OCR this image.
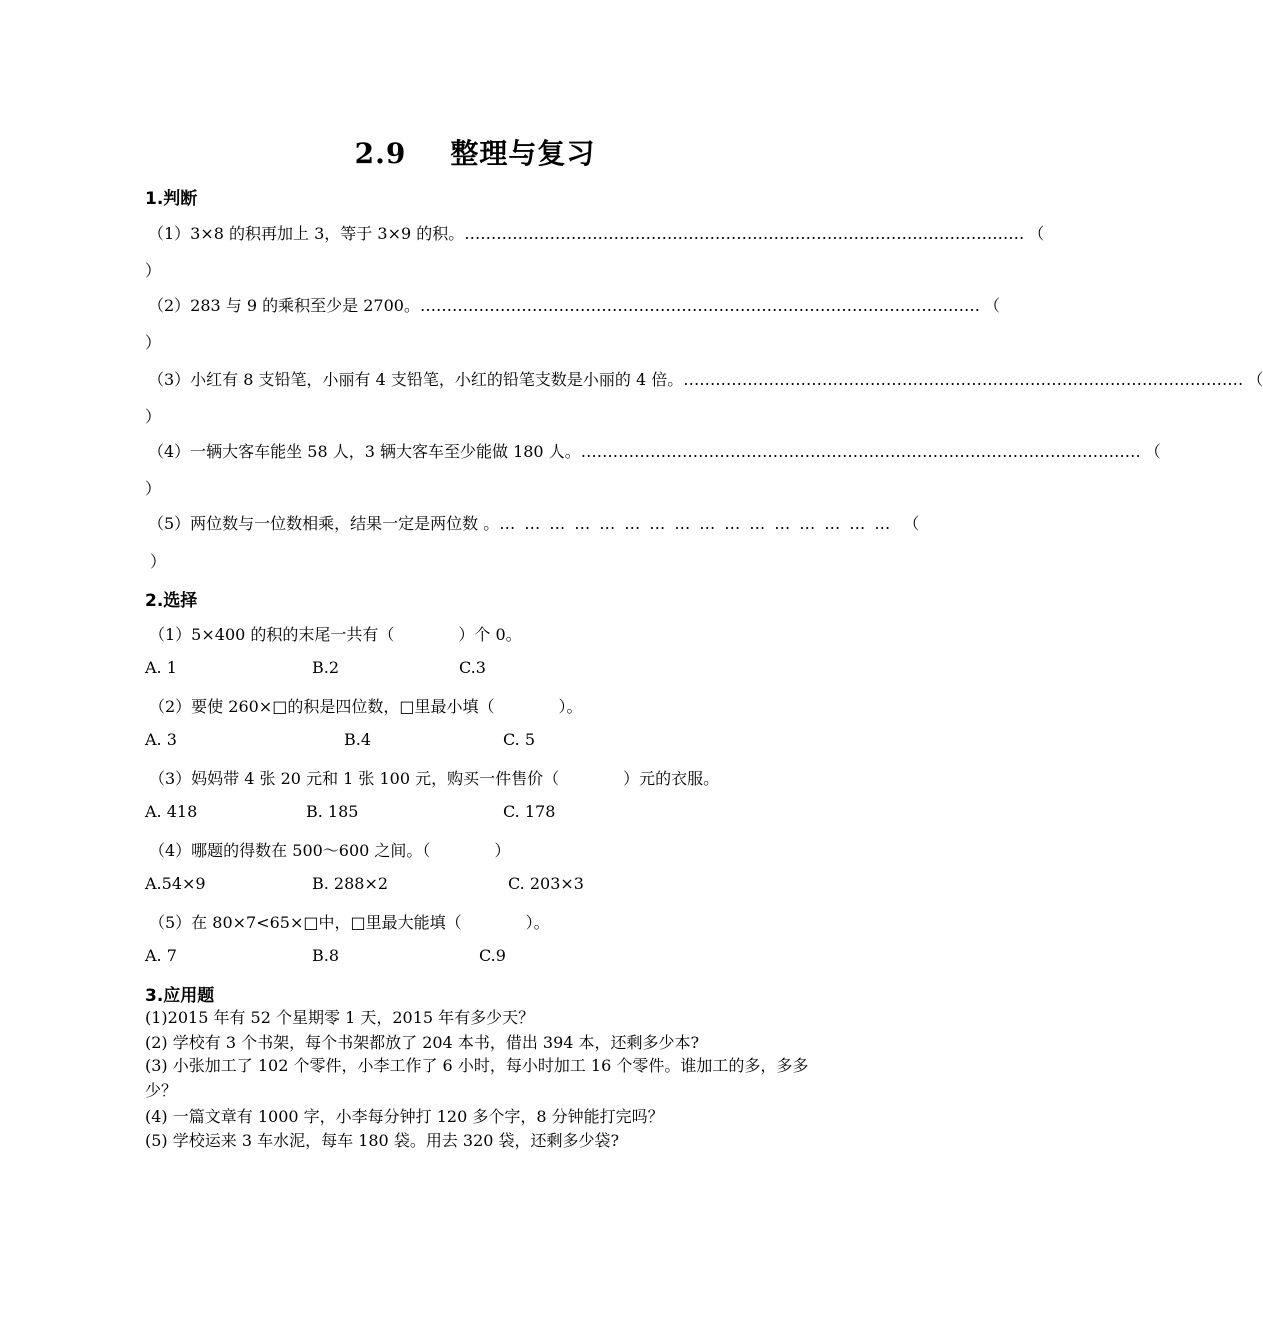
2.9 整理与复习
1.判断
（1）3×8 的积再加上 3，等于 3×9 的积。 …………………………………………………………………………………………… （
）
（2）283 与 9 的乘积至少是 2700。 …………………………………………………………………………………………… （
）
（3）小红有 8 支铅笔，小丽有 4 支铅笔，小红的铅笔支数是小丽的 4 倍。 …………………………………………………………………………………………… （
）
（4）一辆大客车能坐 58 人，3 辆大客车至少能做 180 人。 …………………………………………………………………………………………… （
）
（5）两位数与一位数相乘，结果一定是两位数 。 ………………………………………… （
）
2.选择
（1）5×400 的积的末尾一共有（　　　　）个 0。
A. 1	B.2	C.3
（2）要使 260×□的积是四位数，□里最小填（　　　　）。
A. 3	B.4	C. 5
（3）妈妈带 4 张 20 元和 1 张 100 元，购买一件售价（　　　　）元的衣服。
A. 418	B. 185	C. 178
（4）哪题的得数在 500～600 之间。（　　　　）
A.54×9	B. 288×2	C. 203×3
（5）在 80×7<65×□中，□里最大能填（　　　　）。
A. 7	B.8	C.9
3.应用题
(1)2015 年有 52 个星期零 1 天，2015 年有多少天？
(2) 学校有 3 个书架，每个书架都放了 204 本书，借出 394 本，还剩多少本?
(3) 小张加工了 102 个零件，小李工作了 6 小时，每小时加工 16 个零件。谁加工的多，多多少？
(4) 一篇文章有 1000 字，小李每分钟打 120 多个字，8 分钟能打完吗？
(5) 学校运来 3 车水泥，每车 180 袋。用去 320 袋，还剩多少袋?
